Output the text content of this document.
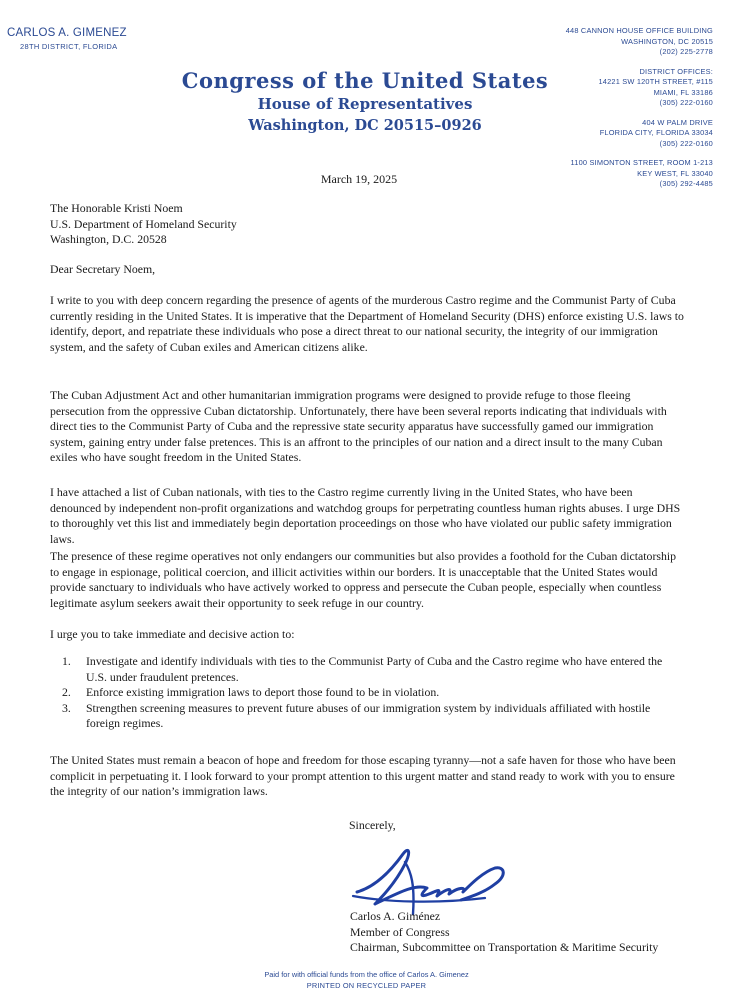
CARLOS A. GIMENEZ
28TH DISTRICT, FLORIDA
Congress of the United States
House of Representatives
Washington, DC 20515–0926
448 CANNON HOUSE OFFICE BUILDING
WASHINGTON, DC 20515
(202) 225-2778
DISTRICT OFFICES:
14221 SW 120TH STREET, #115
MIAMI, FL 33186
(305) 222-0160
404 W PALM DRIVE
FLORIDA CITY, FLORIDA 33034
(305) 222-0160
1100 SIMONTON STREET, ROOM 1-213
KEY WEST, FL 33040
(305) 292-4485
March 19, 2025
The Honorable Kristi Noem
U.S. Department of Homeland Security
Washington, D.C. 20528
Dear Secretary Noem,

I write to you with deep concern regarding the presence of agents of the murderous Castro regime and the Communist Party of Cuba currently residing in the United States. It is imperative that the Department of Homeland Security (DHS) enforce existing U.S. laws to identify, deport, and repatriate these individuals who pose a direct threat to our national security, the integrity of our immigration system, and the safety of Cuban exiles and American citizens alike.

The Cuban Adjustment Act and other humanitarian immigration programs were designed to provide refuge to those fleeing persecution from the oppressive Cuban dictatorship. Unfortunately, there have been several reports indicating that individuals with direct ties to the Communist Party of Cuba and the repressive state security apparatus have successfully gamed our immigration system, gaining entry under false pretences. This is an affront to the principles of our nation and a direct insult to the many Cuban exiles who have sought freedom in the United States.

I have attached a list of Cuban nationals, with ties to the Castro regime currently living in the United States, who have been denounced by independent non-profit organizations and watchdog groups for perpetrating countless human rights abuses. I urge DHS to thoroughly vet this list and immediately begin deportation proceedings on those who have violated our public safety immigration laws.

The presence of these regime operatives not only endangers our communities but also provides a foothold for the Cuban dictatorship to engage in espionage, political coercion, and illicit activities within our borders. It is unacceptable that the United States would provide sanctuary to individuals who have actively worked to oppress and persecute the Cuban people, especially when countless legitimate asylum seekers await their opportunity to seek refuge in our country.

I urge you to take immediate and decisive action to:

1.	Investigate and identify individuals with ties to the Communist Party of Cuba and the Castro regime who have entered the U.S. under fraudulent pretences.
2.	Enforce existing immigration laws to deport those found to be in violation.
3.	Strengthen screening measures to prevent future abuses of our immigration system by individuals affiliated with hostile foreign regimes.

The United States must remain a beacon of hope and freedom for those escaping tyranny—not a safe haven for those who have been complicit in perpetuating it. I look forward to your prompt attention to this urgent matter and stand ready to work with you to ensure the integrity of our nation’s immigration laws.

Sincerely,
Carlos A. Giménez
Member of Congress
Chairman, Subcommittee on Transportation & Maritime Security
Paid for with official funds from the office of Carlos A. Gimenez
PRINTED ON RECYCLED PAPER
